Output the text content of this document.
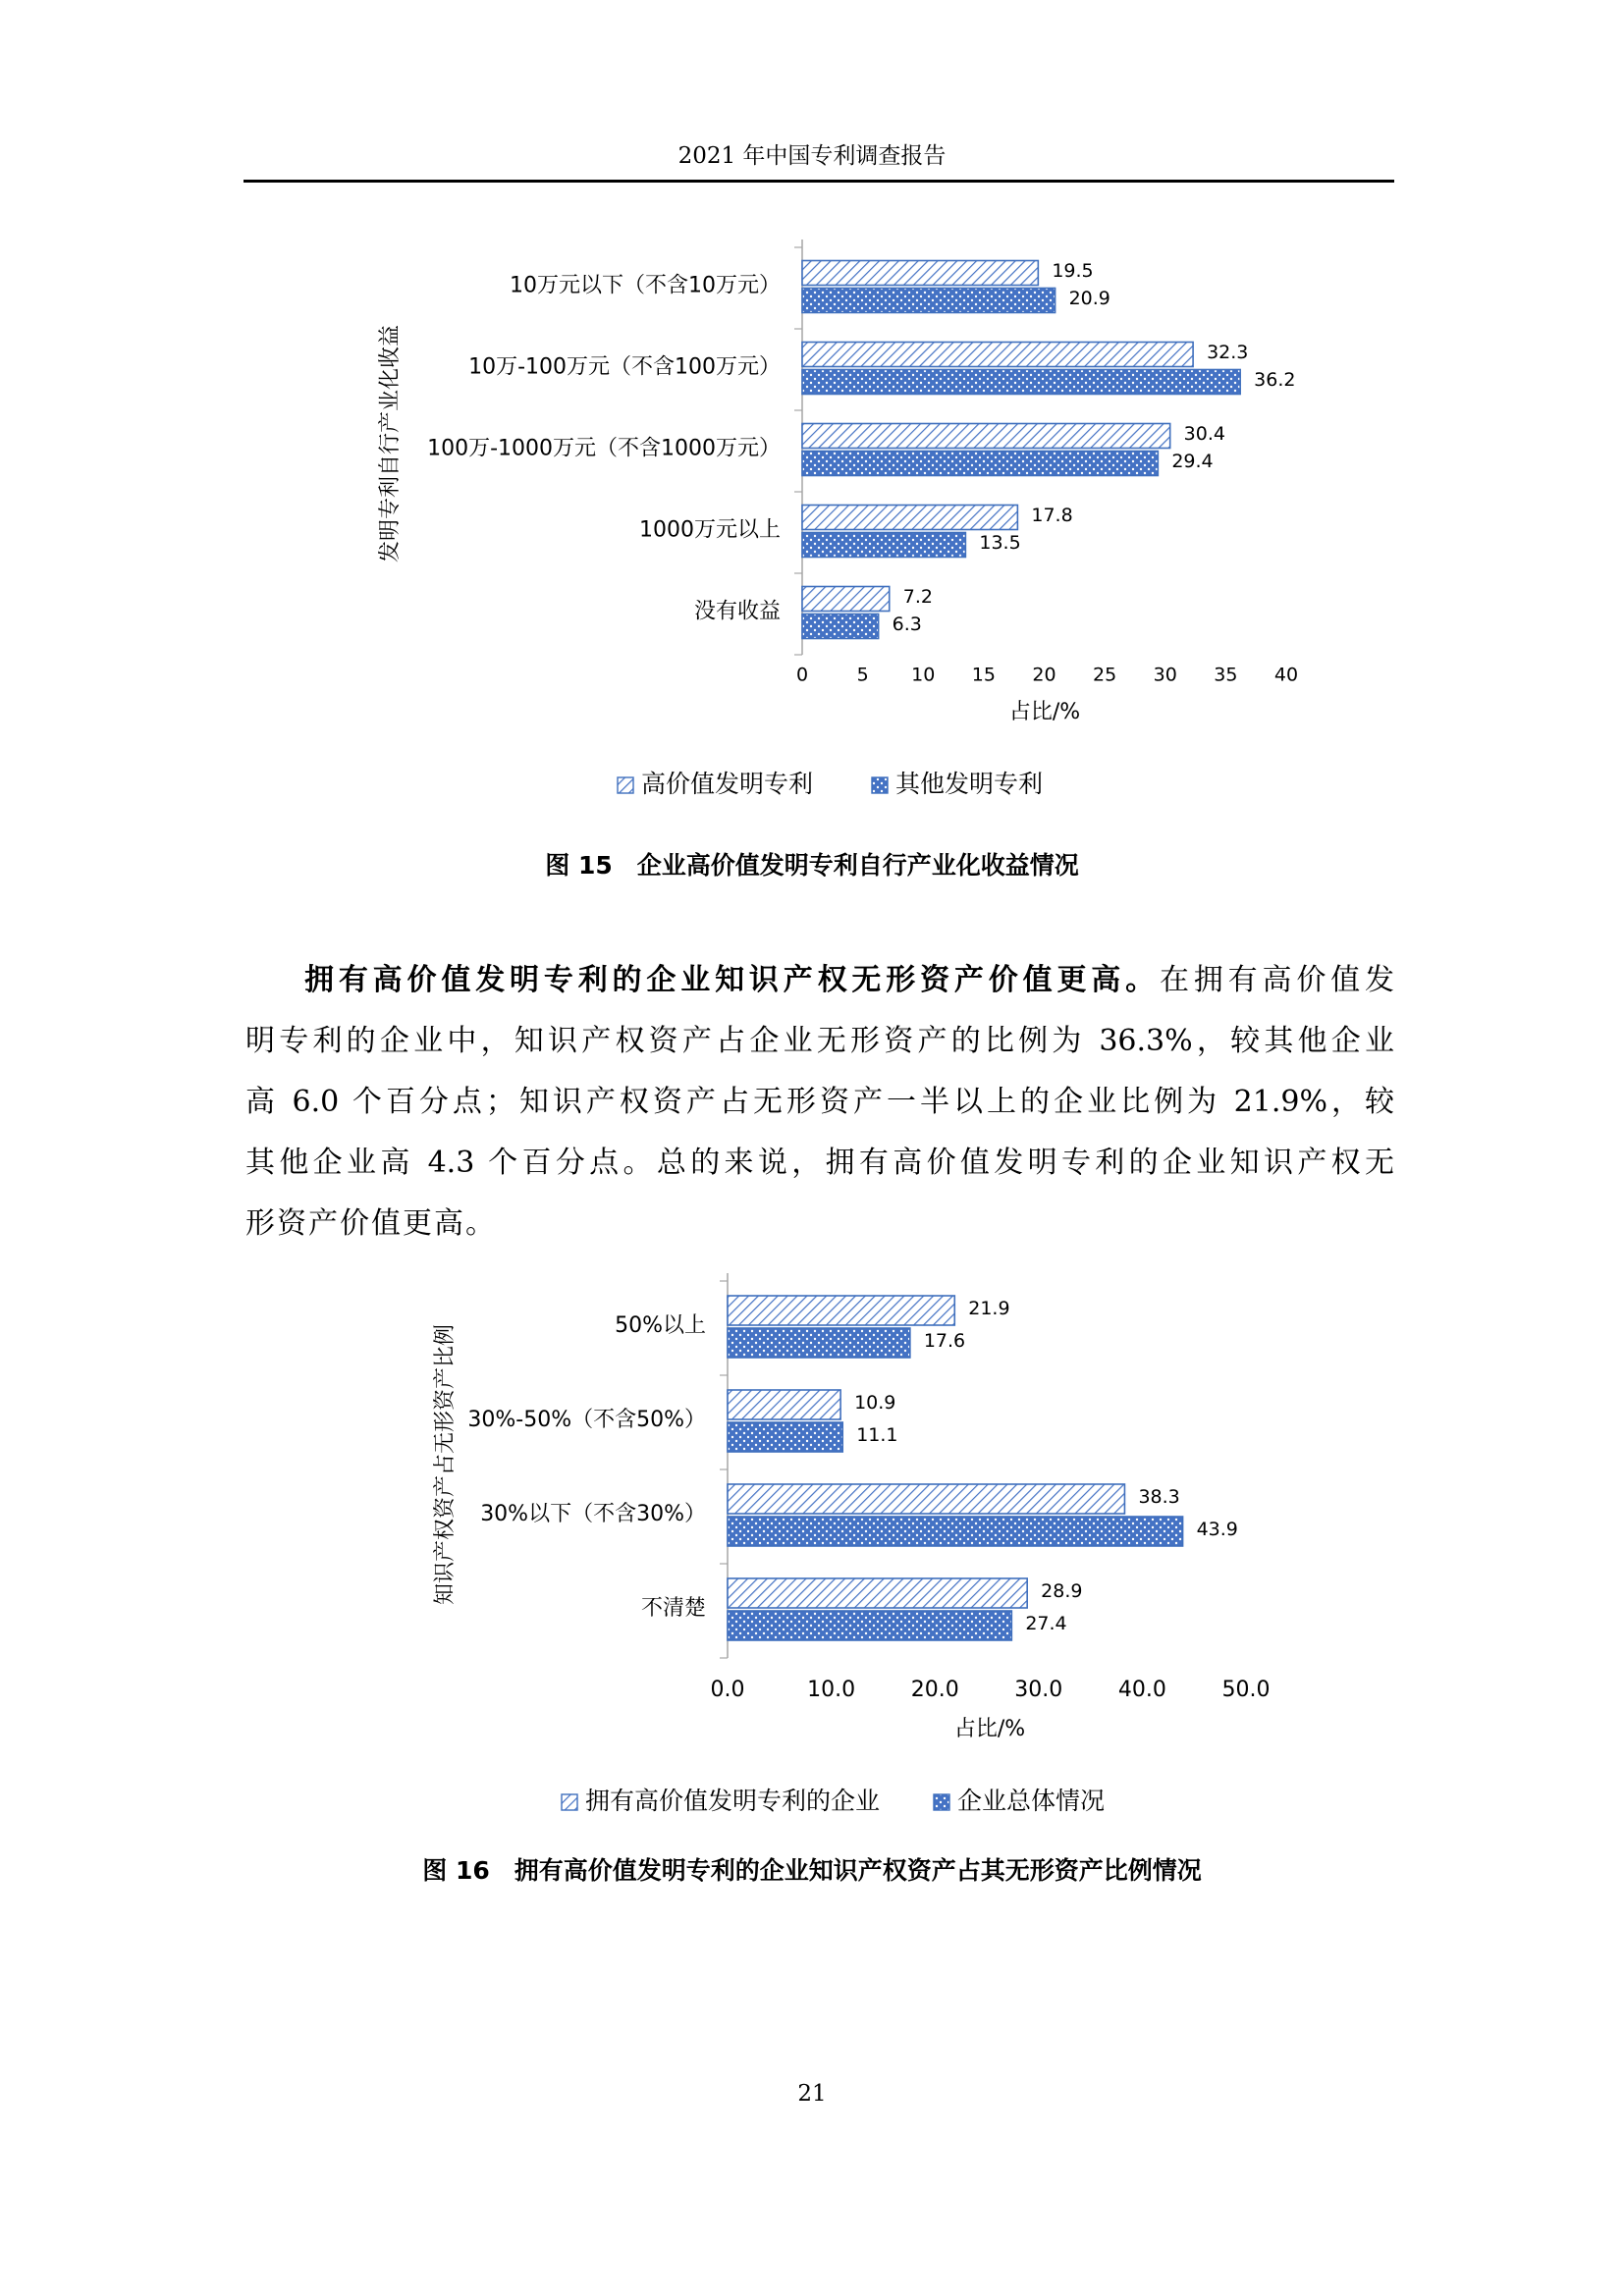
2021 年中国专利调查报告
10万元以下（不含10万元）
19.5
20.9
10万-100万元（不含100万元）
32.3
36.2
100万-1000万元（不含1000万元）
30.4
29.4
1000万元以上
17.8
13.5
没有收益
7.2
6.3
0	5 10 15 20 25 30 35 40
占比/%
发明专利自行产业化收益
高价值发明专利	其他发明专利
图 15　企业高价值发明专利自行产业化收益情况
拥有高价值发明专利的企业知识产权无形资产价值更高。在拥有高价值发
明专利的企业中，知识产权资产占企业无形资产的比例为 36.3%，较其他企业
高 6.0 个百分点；知识产权资产占无形资产一半以上的企业比例为 21.9%，较
其他企业高 4.3 个百分点。总的来说，拥有高价值发明专利的企业知识产权无
形资产价值更高。
50%以上
21.9
17.6
30%-50%（不含50%）
10.9
11.1
30%以下（不含30%）
38.3
43.9
不清楚
28.9
27.4
0.0	10.0	20.0	30.0	40.0	50.0
占比/%
知识产权资产占无形资产比例
拥有高价值发明专利的企业	企业总体情况
图 16　拥有高价值发明专利的企业知识产权资产占其无形资产比例情况
21
